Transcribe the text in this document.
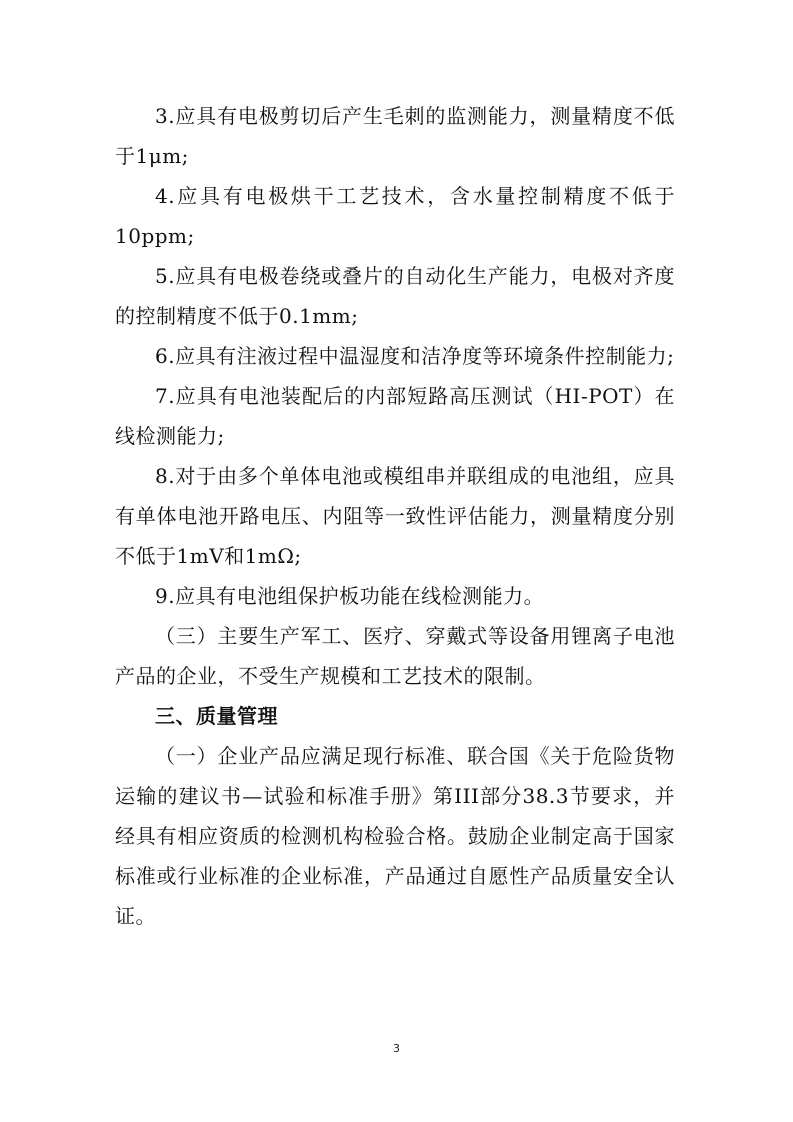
3.应具有电极剪切后产生毛刺的监测能力，测量精度不低于1μm;

4.应具有电极烘干工艺技术，含水量控制精度不低于10ppm;

5.应具有电极卷绕或叠片的自动化生产能力，电极对齐度的控制精度不低于0.1mm;

6.应具有注液过程中温湿度和洁净度等环境条件控制能力;

7.应具有电池装配后的内部短路高压测试（HI-POT）在线检测能力;

8.对于由多个单体电池或模组串并联组成的电池组，应具有单体电池开路电压、内阻等一致性评估能力，测量精度分别不低于1mV和1mΩ;

9.应具有电池组保护板功能在线检测能力。

（三）主要生产军工、医疗、穿戴式等设备用锂离子电池产品的企业，不受生产规模和工艺技术的限制。

三、质量管理

（一）企业产品应满足现行标准、联合国《关于危险货物运输的建议书—试验和标准手册》第III部分38.3节要求，并经具有相应资质的检测机构检验合格。鼓励企业制定高于国家标准或行业标准的企业标准，产品通过自愿性产品质量安全认证。

3
